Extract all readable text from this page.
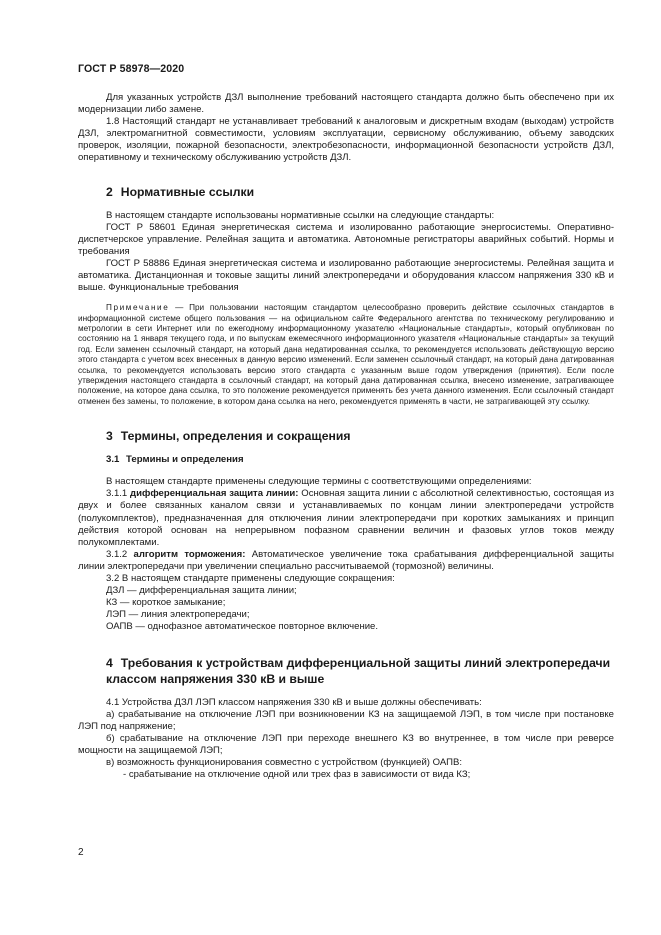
ГОСТ Р 58978—2020

Для указанных устройств ДЗЛ выполнение требований настоящего стандарта должно быть обеспечено при их модернизации либо замене.

1.8 Настоящий стандарт не устанавливает требований к аналоговым и дискретным входам (выходам) устройств ДЗЛ, электромагнитной совместимости, условиям эксплуатации, сервисному обслуживанию, объему заводских проверок, изоляции, пожарной безопасности, электробезопасности, информационной безопасности устройств ДЗЛ, оперативному и техническому обслуживанию устройств ДЗЛ.

2 Нормативные ссылки

В настоящем стандарте использованы нормативные ссылки на следующие стандарты:

ГОСТ Р 58601 Единая энергетическая система и изолированно работающие энергосистемы. Оперативно-диспетчерское управление. Релейная защита и автоматика. Автономные регистраторы аварийных событий. Нормы и требования

ГОСТ Р 58886 Единая энергетическая система и изолированно работающие энергосистемы. Релейная защита и автоматика. Дистанционная и токовые защиты линий электропередачи и оборудования классом напряжения 330 кВ и выше. Функциональные требования

Примечание — При пользовании настоящим стандартом целесообразно проверить действие ссылочных стандартов в информационной системе общего пользования — на официальном сайте Федерального агентства по техническому регулированию и метрологии в сети Интернет или по ежегодному информационному указателю «Национальные стандарты», который опубликован по состоянию на 1 января текущего года, и по выпускам ежемесячного информационного указателя «Национальные стандарты» за текущий год. Если заменен ссылочный стандарт, на который дана недатированная ссылка, то рекомендуется использовать действующую версию этого стандарта с учетом всех внесенных в данную версию изменений. Если заменен ссылочный стандарт, на который дана датированная ссылка, то рекомендуется использовать версию этого стандарта с указанным выше годом утверждения (принятия). Если после утверждения настоящего стандарта в ссылочный стандарт, на который дана датированная ссылка, внесено изменение, затрагивающее положение, на которое дана ссылка, то это положение рекомендуется применять без учета данного изменения. Если ссылочный стандарт отменен без замены, то положение, в котором дана ссылка на него, рекомендуется применять в части, не затрагивающей эту ссылку.

3 Термины, определения и сокращения
3.1 Термины и определения

В настоящем стандарте применены следующие термины с соответствующими определениями:

3.1.1 дифференциальная защита линии: Основная защита линии с абсолютной селективностью, состоящая из двух и более связанных каналом связи и устанавливаемых по концам линии электропередачи устройств (полукомплектов), предназначенная для отключения линии электропередачи при коротких замыканиях и принцип действия которой основан на непрерывном пофазном сравнении величин и фазовых углов токов между полукомплектами.

3.1.2 алгоритм торможения: Автоматическое увеличение тока срабатывания дифференциальной защиты линии электропередачи при увеличении специально рассчитываемой (тормозной) величины.

3.2 В настоящем стандарте применены следующие сокращения:

ДЗЛ — дифференциальная защита линии;

КЗ — короткое замыкание;

ЛЭП — линия электропередачи;

ОАПВ — однофазное автоматическое повторное включение.

4 Требования к устройствам дифференциальной защиты линий электропередачи классом напряжения 330 кВ и выше

4.1 Устройства ДЗЛ ЛЭП классом напряжения 330 кВ и выше должны обеспечивать:

а) срабатывание на отключение ЛЭП при возникновении КЗ на защищаемой ЛЭП, в том числе при постановке ЛЭП под напряжение;

б) срабатывание на отключение ЛЭП при переходе внешнего КЗ во внутреннее, в том числе при реверсе мощности на защищаемой ЛЭП;

в) возможность функционирования совместно с устройством (функцией) ОАПВ:

- срабатывание на отключение одной или трех фаз в зависимости от вида КЗ;

2
